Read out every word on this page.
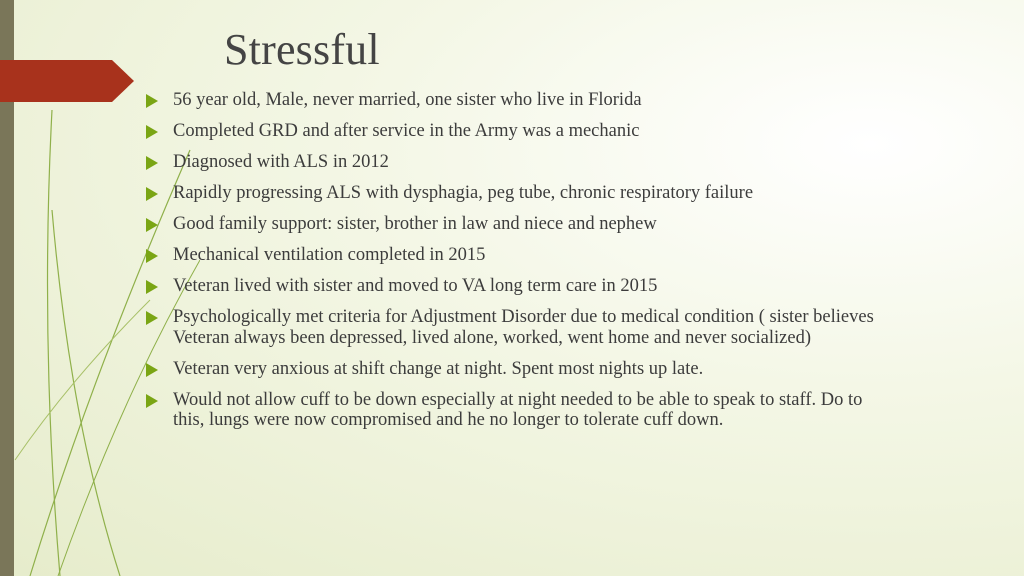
Stressful
56 year old, Male, never married, one sister who live in Florida
Completed GRD and after service in the Army was a mechanic
Diagnosed with ALS in 2012
Rapidly progressing ALS with dysphagia, peg tube, chronic respiratory failure
Good family support: sister, brother in law and niece and nephew
Mechanical ventilation completed in 2015
Veteran lived with sister and moved to VA long term care in 2015
Psychologically met criteria for Adjustment Disorder due to medical condition ( sister believes Veteran always been depressed, lived alone, worked, went home and never socialized)
Veteran very anxious at shift change at night. Spent most nights up late.
Would not allow cuff to be down especially at night needed to be able to speak to staff. Do to this, lungs were now compromised and he no longer to tolerate cuff down.
